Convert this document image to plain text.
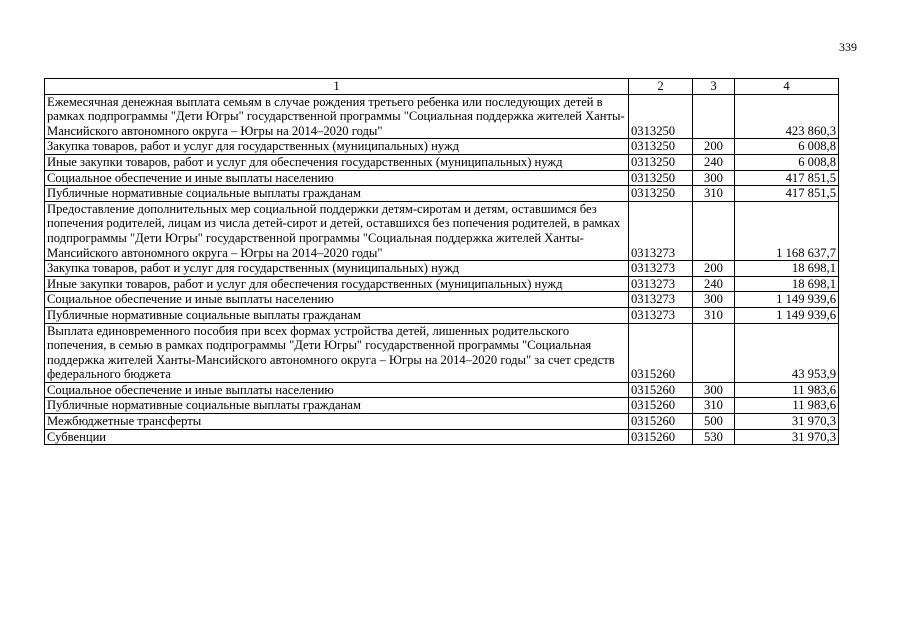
339
1	2	3	4
Ежемесячная денежная выплата семьям в случае рождения третьего ребенка или последующих детей в рамках подпрограммы "Дети Югры" государственной программы "Социальная поддержка жителей Ханты-Мансийского автономного округа – Югры на 2014–2020 годы"	0313250		423 860,3
Закупка товаров, работ и услуг для государственных (муниципальных) нужд	0313250	200	6 008,8
Иные закупки товаров, работ и услуг для обеспечения государственных (муниципальных) нужд	0313250	240	6 008,8
Социальное обеспечение и иные выплаты населению	0313250	300	417 851,5
Публичные нормативные социальные выплаты гражданам	0313250	310	417 851,5
Предоставление дополнительных мер социальной поддержки детям-сиротам и детям, оставшимся без попечения родителей, лицам из числа детей-сирот и детей, оставшихся без попечения родителей, в рамках подпрограммы "Дети Югры" государственной программы "Социальная поддержка жителей Ханты-Мансийского автономного округа – Югры на 2014–2020 годы"	0313273		1 168 637,7
Закупка товаров, работ и услуг для государственных (муниципальных) нужд	0313273	200	18 698,1
Иные закупки товаров, работ и услуг для обеспечения государственных (муниципальных) нужд	0313273	240	18 698,1
Социальное обеспечение и иные выплаты населению	0313273	300	1 149 939,6
Публичные нормативные социальные выплаты гражданам	0313273	310	1 149 939,6
Выплата единовременного пособия при всех формах устройства детей, лишенных родительского попечения, в семью в рамках подпрограммы "Дети Югры" государственной программы "Социальная поддержка жителей Ханты-Мансийского автономного округа – Югры на 2014–2020 годы" за счет средств федерального бюджета	0315260		43 953,9
Социальное обеспечение и иные выплаты населению	0315260	300	11 983,6
Публичные нормативные социальные выплаты гражданам	0315260	310	11 983,6
Межбюджетные трансферты	0315260	500	31 970,3
Субвенции	0315260	530	31 970,3
